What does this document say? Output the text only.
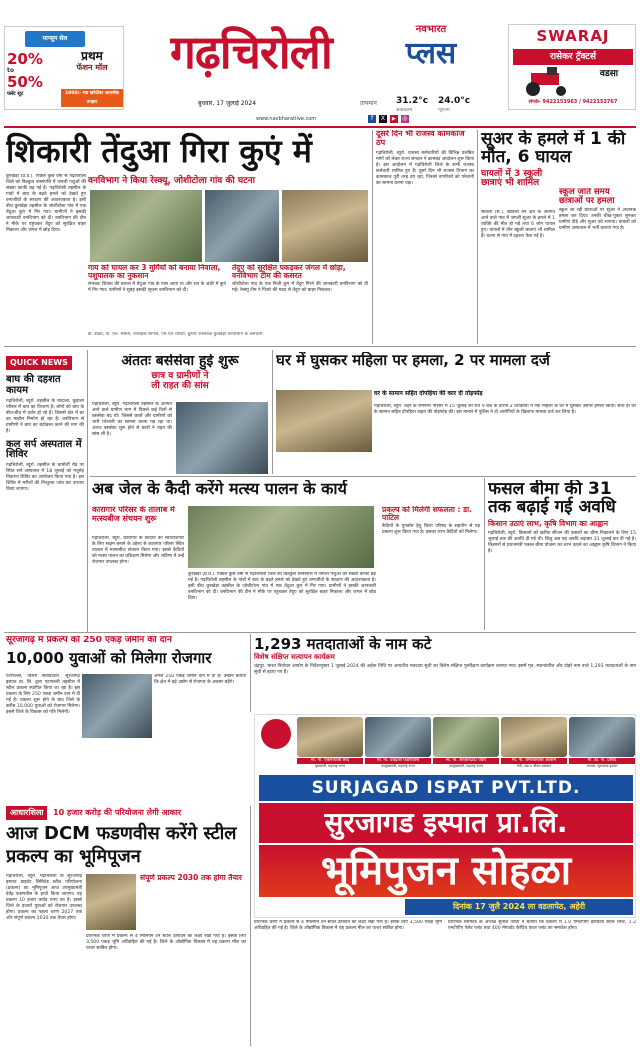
मान्सून सेल
20%
to
50%
फ्लॅट सूट
प्रथम
फॅशन मॉल
1000/- च्या खरेदीवर आकर्षक उपहार
गढ़चिरोली	नवभारत
प्लस	SWARAJ
रासेकर ट्रॅक्टर्स
वडसा
संपर्क- 9422153963 / 9422153767
बुधवार, 17 जुलाई 2024	तापमान	31.2°c	24.0°c
अधिकतम	न्यूनतम
www.navbharatlive.com	f X ▶ ◎
शिकारी तेंदुआ गिरा कुएं में
वनविभाग ने किया रेस्क्यू, जोशीटोला गांव की घटना
कुरखेड़ा (प्र.प्र.). पिछले कुछ वर्षों से गढ़चिरोली जिले को बिल्कुल वनसंपत्ति में जंगली पशुओं की संख्या काफी बढ़ गई है। गढ़चिरोली तहसील के गांवों में बाघ के बढ़ते हमले को देखते हुए वन्यजीवों के संरक्षण की आवश्यकता है। इसी बीच कुरखेड़ा तहसील के जोशीटोला गांव में एक तेंदुआ कुएं में गिर गया। ग्रामीणों ने इसकी जानकारी वनविभाग को दी। वनविभाग की टीम ने मौके पर पहुंचकर तेंदुए को सुरक्षित बाहर निकाला और जंगल में छोड़ दिया।
गाय को घायल कर 3 मुर्गियों को बनाया निवाला, पशुपालक का नुकसान
संभवतः शिकार की तलाश में तेंदुआ गांव के पास आया था और रात के अंधेरे में कुएं में गिर गया। ग्रामीणों ने सुबह इसकी सूचना वनविभाग को दी।
तेंदुए को सुरक्षित पकड़कर जंगल में छोड़ा, वनविभाग टीम की कसरत
जोशीटोला गांव के एक निजी कुएं में तेंदुए गिरने की जानकारी वनविभाग को दी गई। रेस्क्यू टीम ने पिंजरे की मदद से तेंदुए को बाहर निकाला।
डी. डाकी, पी. एल. मेश्राम, वनरक्षक सोनावे, एम.एल.चौधरी, कुमारे वनसेवक कुरखेड़ा वनविभाग के कर्मचारी
दूसरे दिन भी राजस्व कामकाज ठप
गढ़चिरोली, ब्यूरो. राजस्व कर्मचारियों की विभिन्न प्रलंबित मांगों को लेकर राज्य संगठन ने कामबंद आंदोलन शुरू किया है। इस आंदोलन में गढ़चिरोली जिले के सभी राजस्व कर्मचारी शामिल हुए हैं। दूसरे दिन भी राजस्व विभाग का कामकाज पूरी तरह ठप रहा, जिससे नागरिकों को परेशानी का सामना करना पड़ा।
सूअर के हमले में 1 की मौत, 6 घायल
घायलों में 3 स्कूली छात्राएं भी शामिल
सावली (सं.). खावली वन क्षेत्र के अंतर्गत आने वाले गांव में जंगली सूअर के हमले में 1 व्यक्ति की मौत हो गई तथा 6 लोग घायल हुए। घायलों में तीन स्कूली छात्राएं भी शामिल हैं। घटना से गांव में दहशत फैल गई है।
स्कूल जाते समय छात्राओं पर हमला
स्कूल जा रही छात्राओं पर सूअर ने अचानक हमला कर दिया। उनकी चीख-पुकार सुनकर ग्रामीण दौड़े और सूअर को भगाया। घायलों को ग्रामीण अस्पताल में भर्ती कराया गया है।
QUICK NEWS
बाघ की दहशत कायम
गढ़चिरोली, ब्यूरो. तहसील के चांदाला, कुड़ाला परिसर में बाघ का विचरण है। लोगों को बाघ के बीच-बीच में दर्शन हो रहे हैं। जिससे क्षेत्र में डर का माहौल निर्माण हो रहा है। वनविभाग से ग्रामीणों ने बाघ का बंदोबस्त करने की मांग की है।
कल सर्प अस्पताल में शिविर
गढ़चिरोली, ब्यूरो. तहसील के चामोर्शी रोड पर स्थित सर्प अस्पताल में 18 जुलाई को मधुमेह निवारण शिविर का आयोजन किया गया है। इस शिविर में मरीजों की निःशुल्क जांच कर उपचार किया जाएगा।
अंततः बसेसेवा हुई शुरू
छात्र व ग्रामीणों ने
ली राहत की सांस
गढ़चिरोली, ब्यूरो. गढ़चिरोली तहसील के अंतर्गत आने वाले ग्रामीण भाग में पिछले कई दिनों से बससेवा बंद थी। जिससे छात्रों और ग्रामीणों को भारी परेशानी का सामना करना पड़ रहा था। अंततः बससेवा शुरू होने से छात्रों ने राहत की सांस ली है।
घर में घुसकर महिला पर हमला, 2 पर मामला दर्ज
घर के सामान सहित दोपहिया की कार दी तोड़फोड़
गढ़चिरोली, ब्यूरो. शहर के रामनगर परिसर में 15 जुलाई की रात 9 बजे के दौरान 2 व्यक्तियों ने एक महिला के घर में घुसकर उसपर हमला किया। साथ ही घर के सामान सहित दोपहिया वाहन की तोड़फोड़ की। इस मामले में पुलिस ने दो आरोपियों के खिलाफ मामला दर्ज कर लिया है।
अब जेल के कैदी करेंगे मत्स्य पालन के कार्य
कारागार परिसर के तालाब में मत्स्यबीज संचयन शुरू
गढ़चिरोली, ब्यूरो. कारागार के कैदियों को स्वयंरोजगार के लिए सक्षम बनाने के उद्देश्य से कारागार परिसर स्थित तालाब में मत्स्यबीज संचयन किया गया। इससे कैदियों को मत्स्य पालन का प्रशिक्षण मिलेगा और भविष्य में उन्हें रोजगार उपलब्ध होगा।
प्रकल्प को मिलेगी सफलता : डा. पाटिल
कैदियों के पुनर्वास हेतु जिला परिषद के सहयोग से यह प्रकल्प शुरू किया गया है। इसका लाभ कैदियों को मिलेगा।
कुरखेड़ा (प्र.प्र.). पिछले कुछ वर्षों से गढ़चिरोली जिले को बिल्कुल वनसंपत्ति में जंगली पशुओं की संख्या काफी बढ़ गई है। गढ़चिरोली तहसील के गांवों में बाघ के बढ़ते हमले को देखते हुए वन्यजीवों के संरक्षण की आवश्यकता है। इसी बीच कुरखेड़ा तहसील के जोशीटोला गांव में एक तेंदुआ कुएं में गिर गया। ग्रामीणों ने इसकी जानकारी वनविभाग को दी। वनविभाग की टीम ने मौके पर पहुंचकर तेंदुए को सुरक्षित बाहर निकाला और जंगल में छोड़ दिया।
फसल बीमा की 31 तक बढ़ाई गई अवधि
किसान उठाएं लाभ, कृषि विभाग का आह्वान
गढ़चिरोली, ब्यूरो. किसानों को खरीफ सीजन की फसलों का बीमा निकालने के लिए 15 जुलाई तक की अवधि दी गई थी। किंतु अब यह अवधि बढ़ाकर 31 जुलाई कर दी गई है। किसानों से प्रधानमंत्री फसल बीमा योजना का लाभ उठाने का आह्वान कृषि विभाग ने किया है।
सूरजागढ़ में प्रकल्प को 250 एकड़ जमीन की दान
10,000 युवाओं को मिलेगा रोजगार
एटापल्ली, विशेष संवाददाता. सूरजागढ़ इस्पात प्रा. लि. द्वारा एटापल्ली तहसील में स्टील प्रकल्प स्थापित किया जा रहा है। इस प्रकल्प के लिए 250 एकड़ जमीन दान में दी गई है। प्रकल्प शुरू होने के बाद जिले के करीब 10,000 युवाओं को रोजगार मिलेगा। इससे जिले के विकास को गति मिलेगी।
अगले 250 एकड़ जमीन दान में दी है। उन्होंने बताया कि क्षेत्र में बढ़े उद्योग से रोजगार के अवसर बढ़ेंगे।
1,293 मतदाताओं के नाम कटे
विशेष संक्षिप्त सत्यापन कार्यक्रम
चंद्रपुर. भारत निर्वाचन आयोग के निर्देशानुसार 1 जुलाई 2024 की अर्हता तिथि पर आधारित मतदाता सूची का विशेष संक्षिप्त पुनरीक्षण कार्यक्रम चलाया गया। इसमें मृत, स्थानांतरित और दोहरे नाम वाले 1,293 मतदाताओं के नाम सूची से हटाए गए हैं।
आधारशिला 10 हजार करोड़ की परियोजना लेगी आकार
आज DCM फडणवीस करेंगे स्टील प्रकल्प का भूमिपूजन
गढ़चिरोली, ब्यूरो. गढ़चिरोली के सूरजागढ़ इस्पात प्राइवेट लिमिटेड स्टील परियोजना (प्रकल्प) का भूमिपूजन आज उपमुख्यमंत्री देवेंद्र फडणवीस के हाथों किया जाएगा। यह प्रकल्प 10 हजार करोड़ रुपए का है। इससे जिले के हजारों युवाओं को रोजगार उपलब्ध होगा। प्रकल्प का पहला चरण 2027 तक और संपूर्ण प्रकल्प 2030 तक तैयार होगा।
प्रारंभिक चरण में प्रकल्प से 4 मिलियन टन स्टील उत्पादन का लक्ष्य रखा गया है। इसके लिए 3,500 एकड़ भूमि अधिग्रहित की गई है। जिले के औद्योगिक विकास में यह प्रकल्प मील का पत्थर साबित होगा।
संपूर्ण प्रकल्प 2030 तक होगा तैयार
प्रारंभिक चरण में प्रकल्प से 4 मिलियन टन स्टील उत्पादन का लक्ष्य रखा गया है। इसके लिए 3,500 एकड़ भूमि अधिग्रहित की गई है। जिले के औद्योगिक विकास में यह प्रकल्प मील का पत्थर साबित होगा।
प्रारंभिक लिमिटेड के अध्यक्ष सुनील जोशी ने बताया कि प्रकल्प में 1.0 एमटीपीए इंटीग्रेटेड स्टील प्लांट, 1.2 एमटीपीए पेलेट प्लांट तथा 400 मेगावॉट कैप्टिव पावर प्लांट का समावेश होगा।
मा. ना. एकनाथजी शिंदे
मुख्यमंत्री, महाराष्ट्र राज्य
मा. ना. देवेंद्रजी फडणवीस
उपमुख्यमंत्री, महाराष्ट्र राज्य
मा. ना. अजितदादा पवार
उपमुख्यमंत्री, महाराष्ट्र राज्य
मा. ना. धर्मरावबाबा आत्राम
मंत्री, अन्न व औषध प्रशासन
मा. डॉ. ना. प्रसाद
अध्यक्ष, सुरजागड इस्पात
SURJAGAD ISPAT PVT.LTD.
सुरजागड इस्पात प्रा.लि.
भूमिपुजन सोहळा
दिनांक 17 जुलै 2024 ला वडलापेठ, अहेरी
